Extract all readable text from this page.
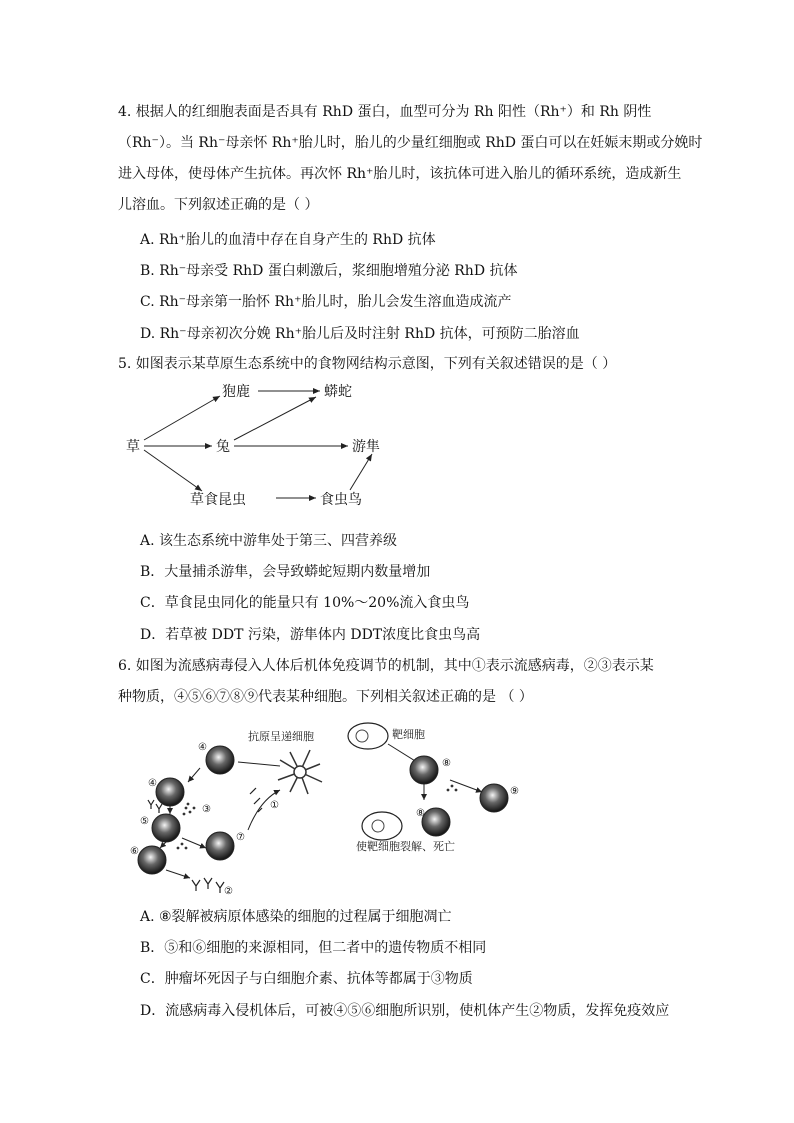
4. 根据人的红细胞表面是否具有 RhD 蛋白，血型可分为 Rh 阳性（Rh⁺）和 Rh 阴性
（Rh⁻）。当 Rh⁻母亲怀 Rh⁺胎儿时，胎儿的少量红细胞或 RhD 蛋白可以在妊娠末期或分娩时
进入母体，使母体产生抗体。再次怀 Rh⁺胎儿时，该抗体可进入胎儿的循环系统，造成新生
儿溶血。下列叙述正确的是（ ）
A. Rh⁺胎儿的血清中存在自身产生的 RhD 抗体
B. Rh⁻母亲受 RhD 蛋白刺激后，浆细胞增殖分泌 RhD 抗体
C. Rh⁻母亲第一胎怀 Rh⁺胎儿时，胎儿会发生溶血造成流产
D. Rh⁻母亲初次分娩 Rh⁺胎儿后及时注射 RhD 抗体，可预防二胎溶血
5. 如图表示某草原生态系统中的食物网结构示意图，下列有关叙述错误的是（ ）
草
狍鹿	蟒蛇
兔	游隼
草食昆虫	食虫鸟
A. 该生态系统中游隼处于第三、四营养级
B．大量捕杀游隼，会导致蟒蛇短期内数量增加
C．草食昆虫同化的能量只有 10%～20%流入食虫鸟
D．若草被 DDT 污染，游隼体内 DDT浓度比食虫鸟高
6. 如图为流感病毒侵入人体后机体免疫调节的机制，其中①表示流感病毒，②③表示某
种物质，④⑤⑥⑦⑧⑨代表某种细胞。下列相关叙述正确的是 （ ）
抗原呈递细胞	靶细胞
使靶细胞裂解、死亡
④
④
③
⑤
⑦
⑥
②
①
⑧
⑨
⑧
A. ⑧裂解被病原体感染的细胞的过程属于细胞凋亡
B．⑤和⑥细胞的来源相同，但二者中的遗传物质不相同
C．肿瘤坏死因子与白细胞介素、抗体等都属于③物质
D．流感病毒入侵机体后，可被④⑤⑥细胞所识别，使机体产生②物质，发挥免疫效应
